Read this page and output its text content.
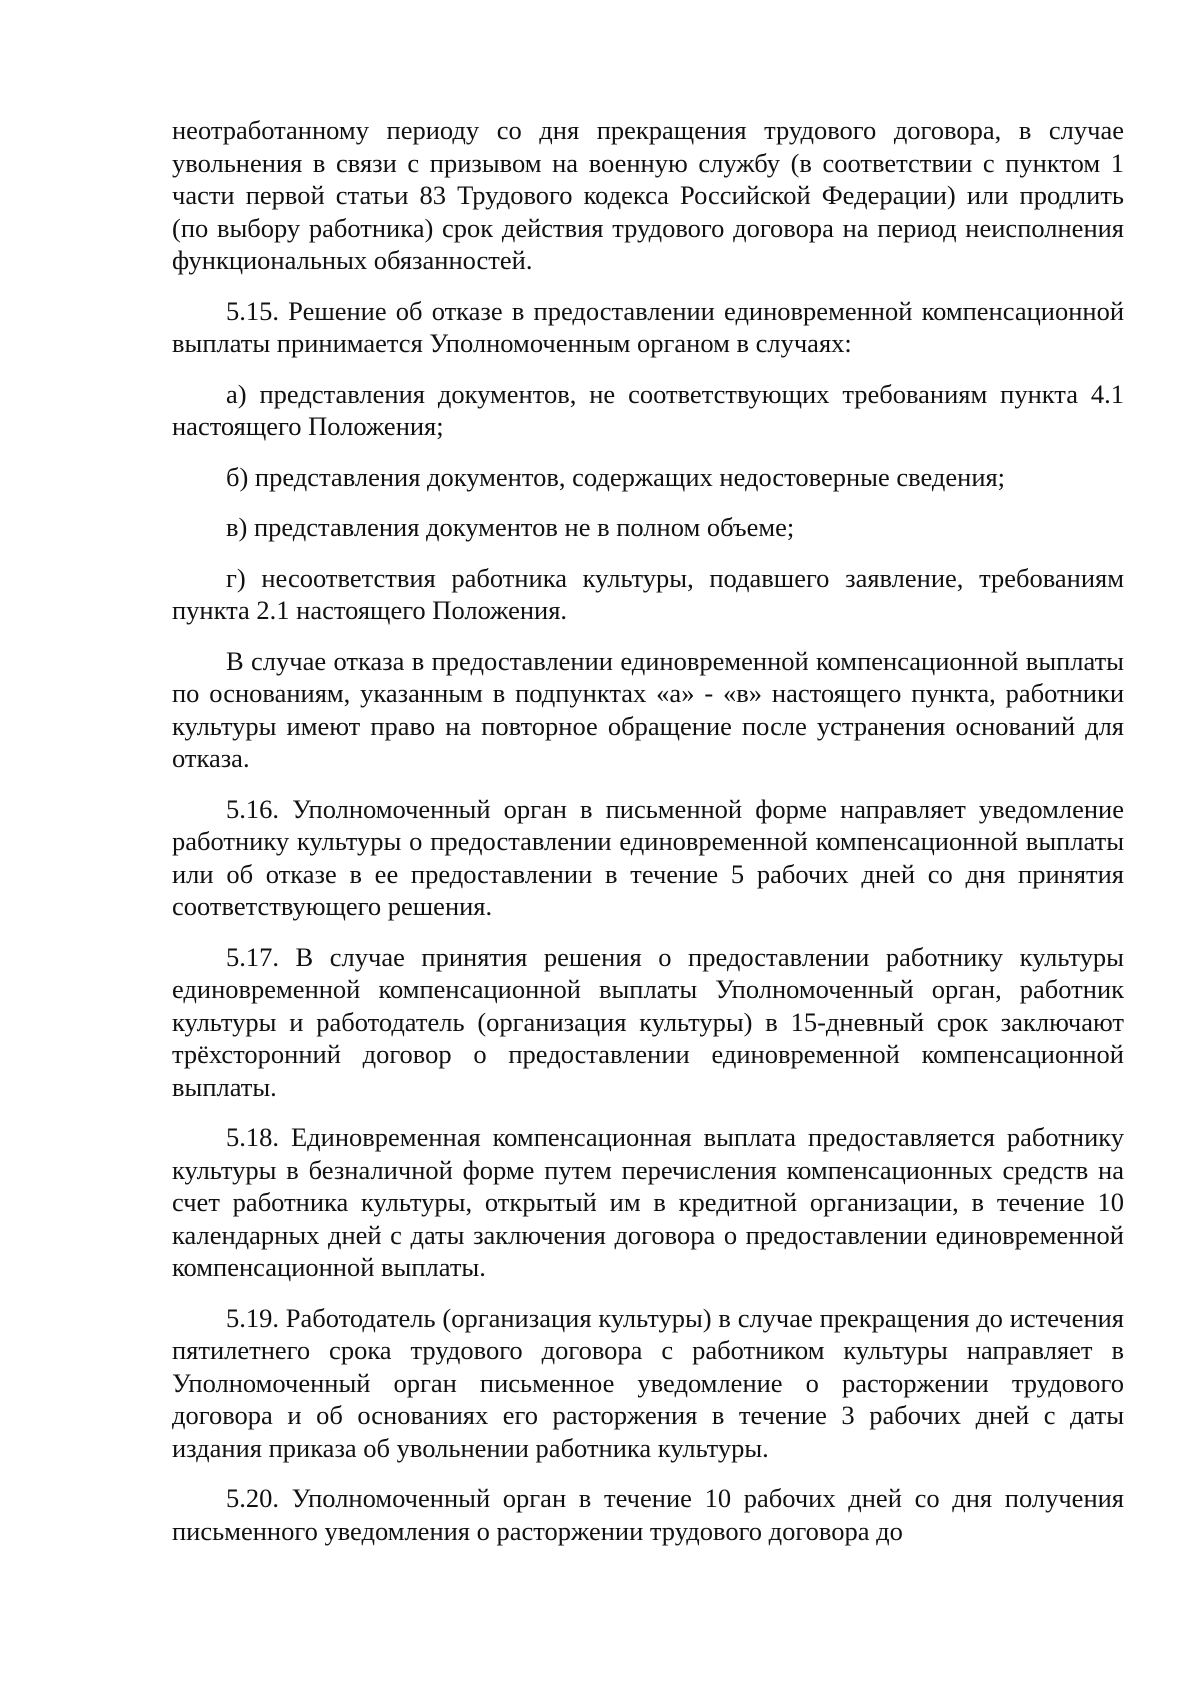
неотработанному периоду со дня прекращения трудового договора, в случае увольнения в связи с призывом на военную службу (в соответствии с пунктом 1 части первой статьи 83 Трудового кодекса Российской Федерации) или продлить (по выбору работника) срок действия трудового договора на период неисполнения функциональных обязанностей.

5.15. Решение об отказе в предоставлении единовременной компенсационной выплаты принимается Уполномоченным органом в случаях:

а) представления документов, не соответствующих требованиям пункта 4.1 настоящего Положения;

б) представления документов, содержащих недостоверные сведения;

в) представления документов не в полном объеме;

г) несоответствия работника культуры, подавшего заявление, требованиям пункта 2.1 настоящего Положения.

В случае отказа в предоставлении единовременной компенсационной выплаты по основаниям, указанным в подпунктах «а» - «в» настоящего пункта, работники культуры имеют право на повторное обращение после устранения оснований для отказа.

5.16. Уполномоченный орган в письменной форме направляет уведомление работнику культуры о предоставлении единовременной компенсационной выплаты или об отказе в ее предоставлении в течение 5 рабочих дней со дня принятия соответствующего решения.

5.17. В случае принятия решения о предоставлении работнику культуры единовременной компенсационной выплаты Уполномоченный орган, работник культуры и работодатель (организация культуры) в 15-дневный срок заключают трёхсторонний договор о предоставлении единовременной компенсационной выплаты.

5.18. Единовременная компенсационная выплата предоставляется работнику культуры в безналичной форме путем перечисления компенсационных средств на счет работника культуры, открытый им в кредитной организации, в течение 10 календарных дней с даты заключения договора о предоставлении единовременной компенсационной выплаты.

5.19. Работодатель (организация культуры) в случае прекращения до истечения пятилетнего срока трудового договора с работником культуры направляет в Уполномоченный орган письменное уведомление о расторжении трудового договора и об основаниях его расторжения в течение 3 рабочих дней с даты издания приказа об увольнении работника культуры.

5.20. Уполномоченный орган в течение 10 рабочих дней со дня получения письменного уведомления о расторжении трудового договора до
